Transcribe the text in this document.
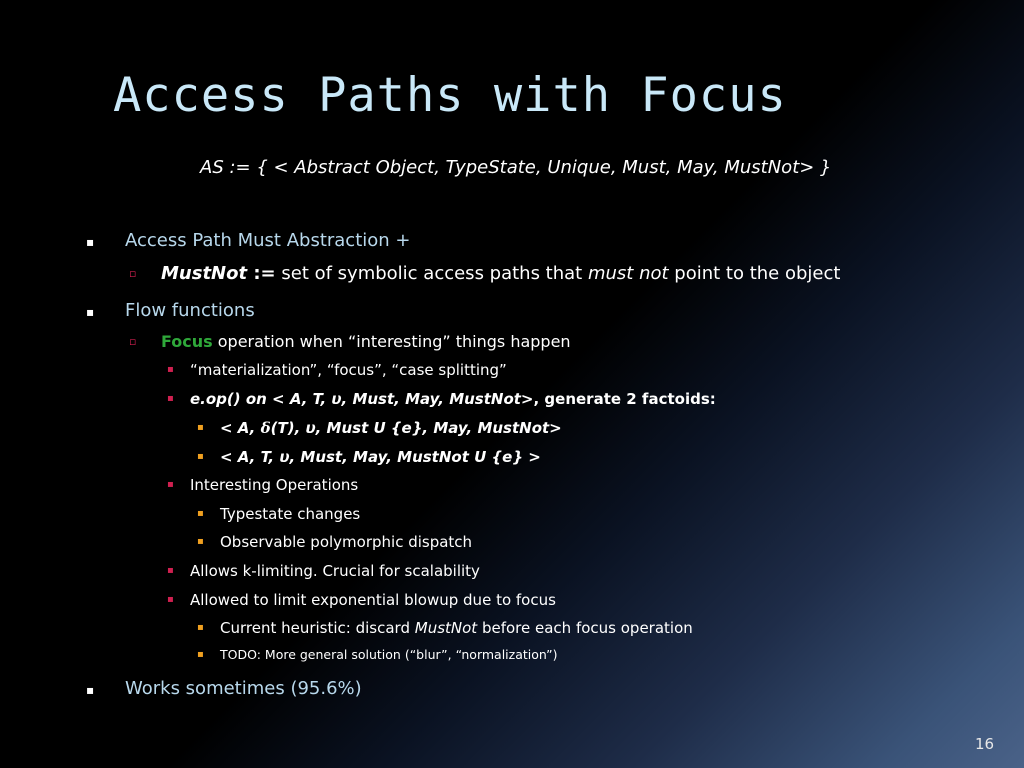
Access Paths with Focus
AS := { < Abstract Object, TypeState, Unique, Must, May, MustNot> }
▪ Access Path Must Abstraction +
▫ MustNot := set of symbolic access paths that must not point to the object
▪ Flow functions
▫ Focus operation when “interesting” things happen
▪ “materialization”, “focus”, “case splitting”
▪ e.op() on < A, T, υ, Must, May, MustNot>, generate 2 factoids:
▪ < A, δ(T), υ, Must U {e}, May, MustNot>
▪ < A, T, υ, Must, May, MustNot U {e} >
▪ Interesting Operations
▪ Typestate changes
▪ Observable polymorphic dispatch
▪ Allows k-limiting. Crucial for scalability
▪ Allowed to limit exponential blowup due to focus
▪ Current heuristic: discard MustNot before each focus operation
▪ TODO: More general solution (“blur”, “normalization”)
▪ Works sometimes (95.6%)
16
